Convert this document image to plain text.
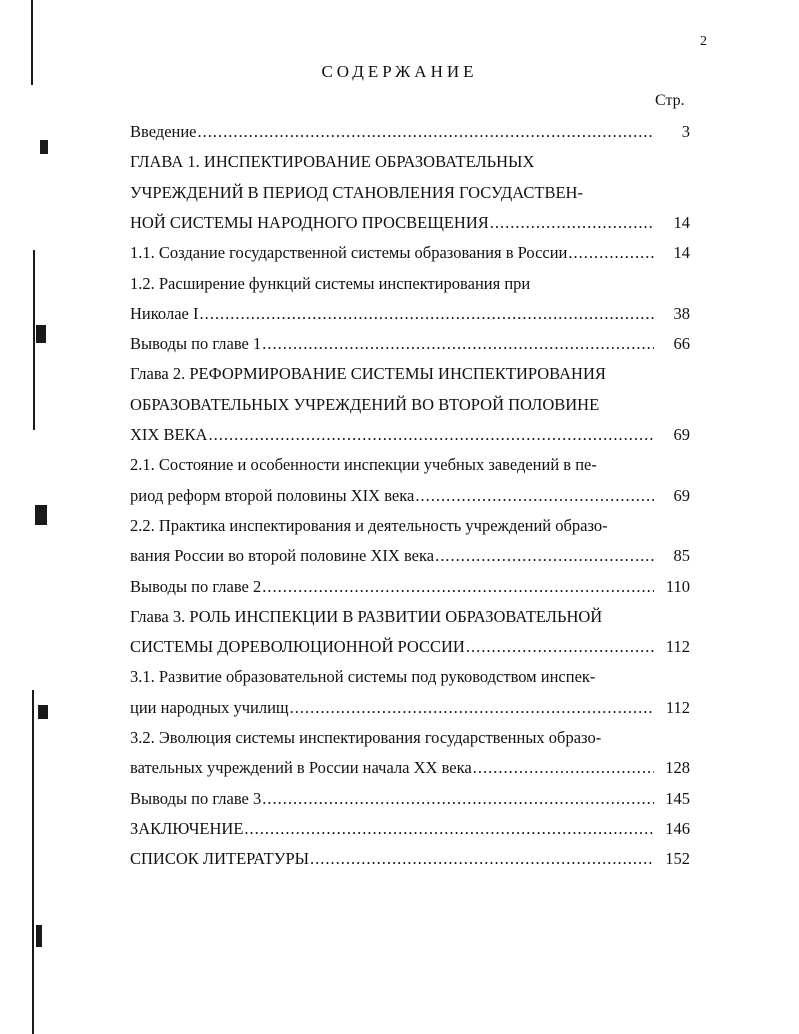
2
СОДЕРЖАНИЕ
Стр.
Введение .....	3
ГЛАВА 1. ИНСПЕКТИРОВАНИЕ ОБРАЗОВАТЕЛЬНЫХ
УЧРЕЖДЕНИЙ В ПЕРИОД СТАНОВЛЕНИЯ ГОСУДАСТВЕН-
НОЙ СИСТЕМЫ НАРОДНОГО ПРОСВЕЩЕНИЯ .....	14
1.1. Создание государственной системы образования в России .....	14
1.2. Расширение функций системы инспектирования при
Николае I .....	38
Выводы по главе 1 .....	66
Глава 2. РЕФОРМИРОВАНИЕ СИСТЕМЫ ИНСПЕКТИРОВАНИЯ
ОБРАЗОВАТЕЛЬНЫХ УЧРЕЖДЕНИЙ ВО ВТОРОЙ ПОЛОВИНЕ
XIX ВЕКА .....	69
2.1. Состояние и особенности инспекции учебных заведений в пе-
риод реформ второй половины XIX века .....	69
2.2. Практика инспектирования и деятельность учреждений образо-
вания России во второй половине XIX века .....	85
Выводы по главе 2 .....	110
Глава 3. РОЛЬ ИНСПЕКЦИИ В РАЗВИТИИ ОБРАЗОВАТЕЛЬНОЙ
СИСТЕМЫ ДОРЕВОЛЮЦИОННОЙ РОССИИ .....	112
3.1. Развитие образовательной системы под руководством инспек-
ции народных училищ .....	112
3.2. Эволюция системы инспектирования государственных образо-
вательных учреждений в России начала XX века .....	128
Выводы по главе 3 .....	145
ЗАКЛЮЧЕНИЕ .....	146
СПИСОК ЛИТЕРАТУРЫ .....	152
